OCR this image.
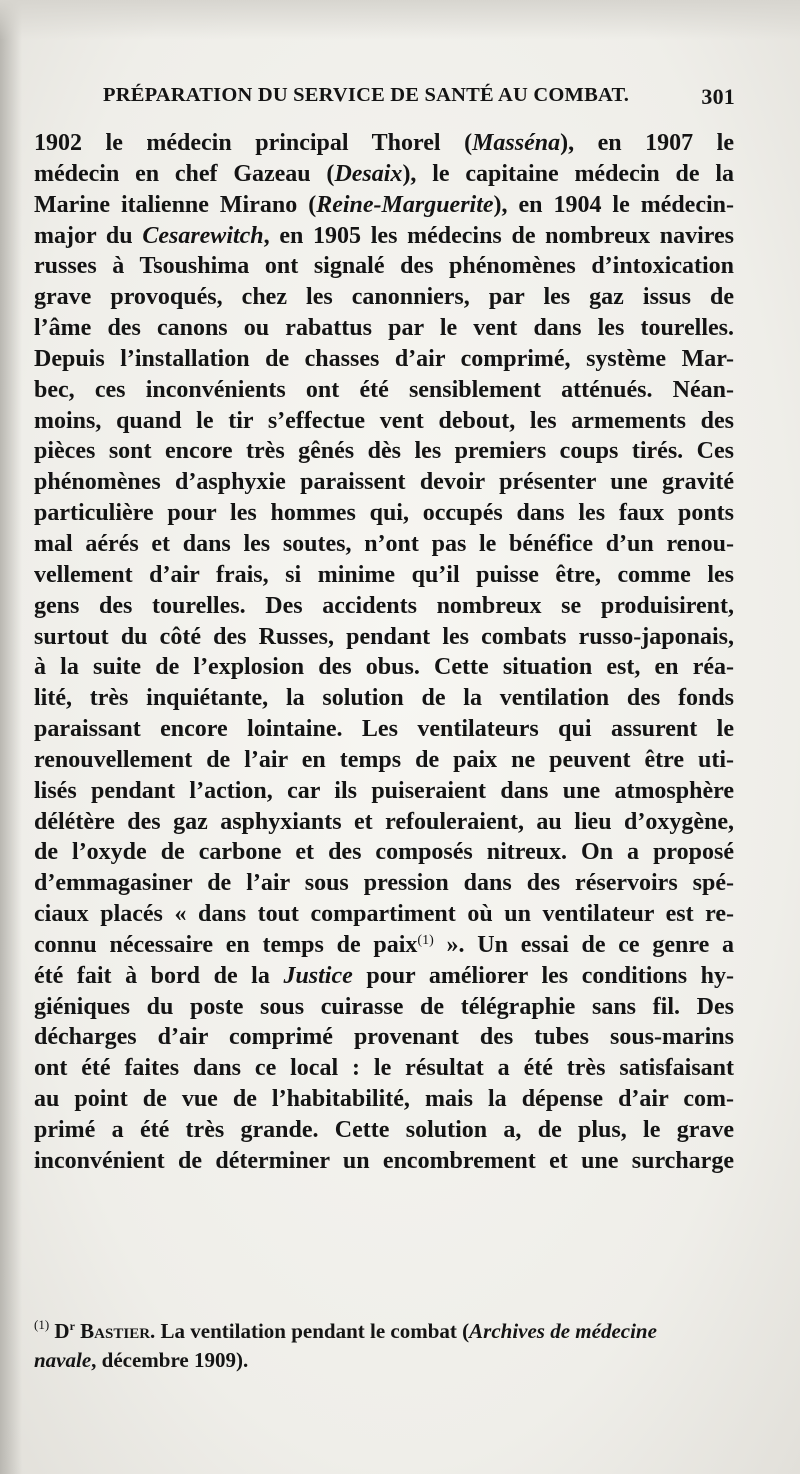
PRÉPARATION DU SERVICE DE SANTÉ AU COMBAT.	301
1902 le médecin principal Thorel (Masséna), en 1907 le
médecin en chef Gazeau (Desaix), le capitaine médecin de la
Marine italienne Mirano (Reine-Marguerite), en 1904 le médecin-
major du Cesarewitch, en 1905 les médecins de nombreux navires
russes à Tsoushima ont signalé des phénomènes d’intoxication
grave provoqués, chez les canonniers, par les gaz issus de
l’âme des canons ou rabattus par le vent dans les tourelles.
Depuis l’installation de chasses d’air comprimé, système Mar-
bec, ces inconvénients ont été sensiblement atténués. Néan-
moins, quand le tir s’effectue vent debout, les armements des
pièces sont encore très gênés dès les premiers coups tirés. Ces
phénomènes d’asphyxie paraissent devoir présenter une gravité
particulière pour les hommes qui, occupés dans les faux ponts
mal aérés et dans les soutes, n’ont pas le bénéfice d’un renou-
vellement d’air frais, si minime qu’il puisse être, comme les
gens des tourelles. Des accidents nombreux se produisirent,
surtout du côté des Russes, pendant les combats russo-japonais,
à la suite de l’explosion des obus. Cette situation est, en réa-
lité, très inquiétante, la solution de la ventilation des fonds
paraissant encore lointaine. Les ventilateurs qui assurent le
renouvellement de l’air en temps de paix ne peuvent être uti-
lisés pendant l’action, car ils puiseraient dans une atmosphère
délétère des gaz asphyxiants et refouleraient, au lieu d’oxygène,
de l’oxyde de carbone et des composés nitreux. On a proposé
d’emmagasiner de l’air sous pression dans des réservoirs spé-
ciaux placés « dans tout compartiment où un ventilateur est re-
connu nécessaire en temps de paix$^{(1)}$ ». Un essai de ce genre a
été fait à bord de la Justice pour améliorer les conditions hy-
giéniques du poste sous cuirasse de télégraphie sans fil. Des
décharges d’air comprimé provenant des tubes sous-marins
ont été faites dans ce local : le résultat a été très satisfaisant
au point de vue de l’habitabilité, mais la dépense d’air com-
primé a été très grande. Cette solution a, de plus, le grave
inconvénient de déterminer un encombrement et une surcharge
$^{(1)}$ $D^r$ Bastier. La ventilation pendant le combat (Archives de médecine
navale, décembre 1909).
